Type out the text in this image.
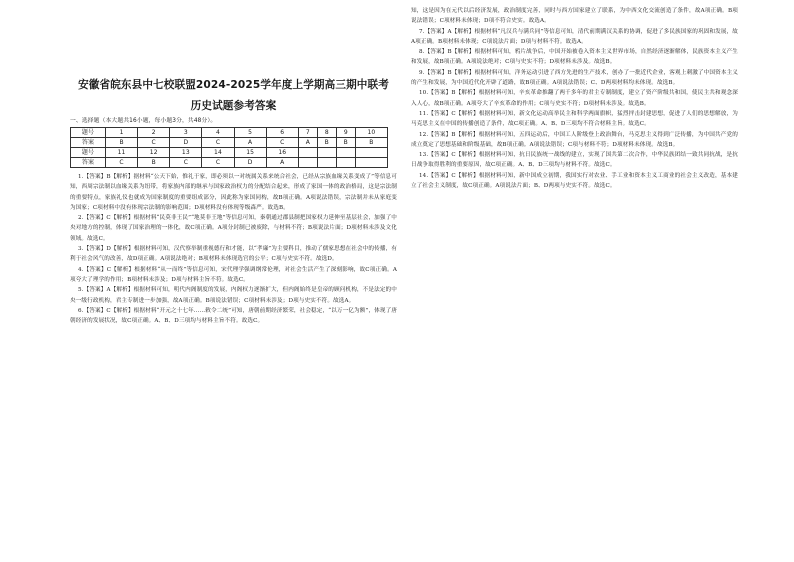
安徽省皖东县中七校联盟2024-2025学年度上学期高三期中联考
历史试题参考答案
一、选择题（本大题共16小题，每小题3分，共48分）。
题号	1	2	3	4	5	6	7	8	9	10
答案	B	C	D	C	A	C	A	B	B	B
题号	11	12	13	14	15	16				
答案	C	B	C	C	D	A				

1.【答案】B【解析】据材料“公天下始，惟礼于家，即必须以一对统属关系来统合社会，已经从宗族血缘关系变成了”等信息可知，西周宗法制以血缘关系为纽带，将家族内部的继承与国家政治权力的分配结合起来，形成了家国一体的政治格局，这是宗法制的重要特点，家族礼仪也就成为国家制度的重要组成部分，因此称为家国同构，故B项正确。A项说法错误，宗法制并未从家庭变为国家；C项材料中没有体现宗法制的影响范围；D项材料没有体现等级森严。故选B。

2.【答案】C【解析】根据材料“民莫非王民”“地莫非王地”等信息可知，秦朝通过郡县制把国家权力延伸至基层社会，加强了中央对地方的控制，体现了国家治理的一体化，故C项正确。A项分封制已被废除，与材料不符；B项说法片面；D项材料未涉及文化领域。故选C。

3.【答案】D【解析】根据材料可知，汉代察举制重视德行和才能，以“孝廉”为主要科目，推动了儒家思想在社会中的传播，有利于社会风气的改善，故D项正确。A项说法绝对；B项材料未体现选官的公平；C项与史实不符。故选D。

4.【答案】C【解析】根据材料“从一而终”等信息可知，宋代理学强调纲常伦理，对社会生活产生了深刻影响，故C项正确。A项夸大了理学的作用；B项材料未涉及；D项与材料主旨不符。故选C。

5.【答案】A【解析】根据材料可知，明代内阁制度的发展，内阁权力逐渐扩大，但内阁始终是皇帝的顾问机构，不是法定的中央一级行政机构，君主专制进一步加强，故A项正确。B项说法错误；C项材料未涉及；D项与史实不符。故选A。

6.【答案】C【解析】根据材料“开元之十七年……敕令二统”可知，唐朝前期经济繁荣，社会稳定，“以万一亿为额”，体现了唐朝经济的发展状况，故C项正确。A、B、D三项均与材料主旨不符。故选C。

知，这是因为在元代以后经济发展，政治制度完善，同时与西方国家建立了联系，为中西文化交流创造了条件，故A项正确。B项说法错误；C项材料未体现；D项不符合史实。故选A。

7.【答案】A【解析】根据材料“凡汉兵与满兵同”等信息可知，清代前期满汉关系的协调，促进了多民族国家的巩固和发展，故A项正确。B项材料未体现；C项说法片面；D项与材料不符。故选A。

8.【答案】B【解析】根据材料可知，鸦片战争后，中国开始被卷入资本主义世界市场，自然经济逐渐解体，民族资本主义产生和发展，故B项正确。A项说法绝对；C项与史实不符；D项材料未涉及。故选B。

9.【答案】B【解析】根据材料可知，洋务运动引进了西方先进的生产技术，创办了一批近代企业，客观上刺激了中国资本主义的产生和发展，为中国近代化开辟了道路，故B项正确。A项说法错误；C、D两项材料均未体现。故选B。

10.【答案】B【解析】根据材料可知，辛亥革命推翻了两千多年的君主专制制度，建立了资产阶级共和国，使民主共和观念深入人心，故B项正确。A项夸大了辛亥革命的作用；C项与史实不符；D项材料未涉及。故选B。

11.【答案】C【解析】根据材料可知，新文化运动高举民主和科学两面旗帜，猛烈抨击封建思想，促进了人们的思想解放，为马克思主义在中国的传播创造了条件，故C项正确。A、B、D三项均不符合材料主旨。故选C。

12.【答案】B【解析】根据材料可知，五四运动后，中国工人阶级登上政治舞台，马克思主义得到广泛传播，为中国共产党的成立奠定了思想基础和阶级基础，故B项正确。A项说法错误；C项与材料不符；D项材料未体现。故选B。

13.【答案】C【解析】根据材料可知，抗日民族统一战线的建立，实现了国共第二次合作，中华民族团结一致共同抗战，是抗日战争取得胜利的重要原因，故C项正确。A、B、D三项均与材料不符。故选C。

14.【答案】C【解析】根据材料可知，新中国成立初期，我国实行对农业、手工业和资本主义工商业的社会主义改造，基本建立了社会主义制度，故C项正确。A项说法片面；B、D两项与史实不符。故选C。
